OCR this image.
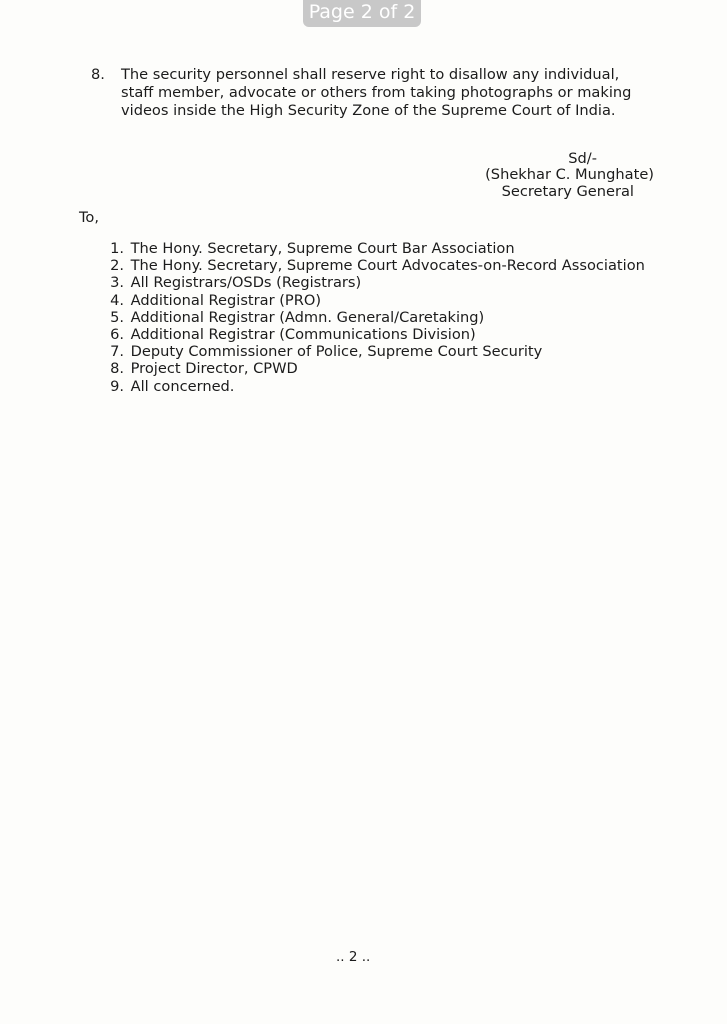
Page 2 of 2
8. The security personnel shall reserve right to disallow any individual,
staff member, advocate or others from taking photographs or making
videos inside the High Security Zone of the Supreme Court of India.
Sd/-
(Shekhar C. Munghate)
Secretary General
To,
1. The Hony. Secretary, Supreme Court Bar Association
2. The Hony. Secretary, Supreme Court Advocates-on-Record Association
3. All Registrars/OSDs (Registrars)
4. Additional Registrar (PRO)
5. Additional Registrar (Admn. General/Caretaking)
6. Additional Registrar (Communications Division)
7. Deputy Commissioner of Police, Supreme Court Security
8. Project Director, CPWD
9. All concerned.
.. 2 ..
